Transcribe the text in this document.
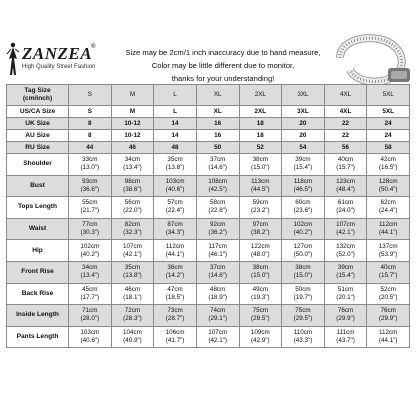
ZANZEA
®
High Quality Street Fashion
Size may be 2cm/1 inch inaccuracy due to hand measure,
Color may be little different due to monitor,
thanks for your understanding!
Tag Size
(cm/inch)	S	M	L	XL	2XL	3XL	4XL	5XL
US/CA Size	S	M	L	XL	2XL	3XL	4XL	5XL
UK Size	8	10-12	14	16	18	20	22	24
AU Size	8	10-12	14	16	18	20	22	24
RU Size	44	46	48	50	52	54	56	58
Shoulder	33cm
(13.0")	34cm
(13.4")	35cm
(13.8")	37cm
(14.6")	38cm
(15.0")	39cm
(15.4")	40cm
(15.7")	42cm
(16.5")

Bust	93cm
(36.6")	98cm
(38.6")	103cm
(40.6")	108cm
(42.5")	113cm
(44.5")	118cm
(46.5")	123cm
(48.4")	128cm
(50.4")

Tops Length	55cm
(21.7")	56cm
(22.0")	57cm
(22.4")	58cm
(22.8")	59cm
(23.2")	60cm
(23.6")	61cm
(24.0")	62cm
(24.4")

Waist	77cm
(30.3")	82cm
(32.3")	87cm
(34.3")	92cm
(36.2")	97cm
(38.2")	102cm
(40.2")	107cm
(42.1")	112cm
(44.1")

Hip	102cm
(40.2")	107cm
(42.1")	112cm
(44.1")	117cm
(46.1")	122cm
(48.0")	127cm
(50.0")	132cm
(52.0")	137cm
(53.9")

Front Rise	34cm
(13.4")	35cm
(13.8")	36cm
(14.2")	37cm
(14.6")	38cm
(15.0")	38cm
(15.0")	39cm
(15.4")	40cm
(15.7")

Back Rise	45cm
(17.7")	46cm
(18.1")	47cm
(18.5")	48cm
(18.9")	49cm
(19.3")	50cm
(19.7")	51cm
(20.1")	52cm
(20.5")

Inside Length	71cm
(28.0")	72cm
(28.3")	73cm
(28.7")	74cm
(29.1")	75cm
(29.5")	75cm
(29.5")	76cm
(29.9")	76cm
(29.9")

Pants Length	103cm
(40.6")	104cm
(40.9")	106cm
(41.7")	107cm
(42.1")	109cm
(42.9")	110cm
(43.3")	111cm
(43.7")	112cm
(44.1")
